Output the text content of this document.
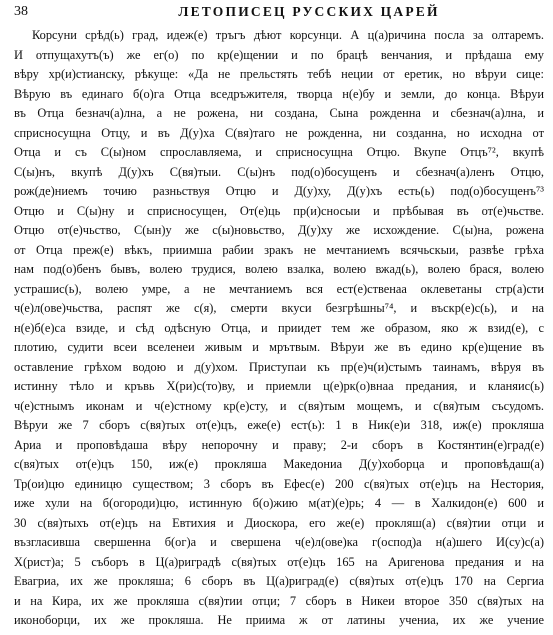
38	ЛЕТОПИСЕЦ РУССКИХ ЦАРЕЙ
Корсуни срѣд(ь) град, идеж(е) тръгъ дѣют корсунци. А ц(а)ричина посла за олтаремъ.
И отпущахутъ(ъ) же ег(о) по кр(е)щении и по брацѣ венчания, и прѣдаша ему
вѣру хр(и)стианску, рѣкуще: «Да не прельстять тебѣ неции от еретик, но вѣруи сице:
Вѣрую въ единаго б(о)га Отца вседръжителя, творца н(е)бу и земли, до конца. Вѣруи
въ Отца безнач(а)лна, а не рожена, ни создана, Сына рожденна и сбезнач(а)лна, и
сприсносущна Отцу, и въ Д(у)ха С(вя)таго не рожденна, ни созданна, но исходна от
Отца и съ С(ы)ном спрославляема, и сприсносущна Отцю. Вкупе Отцъ⁷², вкупѣ
С(ы)нъ, вкупѣ Д(у)хъ С(вя)тыи. С(ы)нъ под(о)босущенъ и сбезнач(а)ленъ Отцю,
рож(де)ниемъ точию разньствуя Отцю и Д(у)ху, Д(у)хъ есть(ь) под(о)босущенъ⁷³
Отцю и С(ы)ну и сприсносущен, От(е)ць пр(и)сносыи и прѣбывая въ от(е)чьстве.
Отцю от(е)чьство, С(ын)у же с(ы)новьство, Д(у)ху же исхождение. С(ы)на, рожена
от Отца преж(е) вѣкъ, приимша рабии зракъ не мечтаниемъ всячьскыи, развѣе грѣха
нам под(о)бенъ бывъ, волею трудися, волею взалка, волею вжад(ь), волею брася, волею
устрашис(ь), волею умре, а не мечтаниемъ вся ест(е)ственаа оклеветаны стр(а)сти
ч(е)л(ове)чьства, распят же с(я), смерти вкуси безгрѣшны⁷⁴, и въскр(е)с(ь), и на
н(е)б(е)са взиде, и сѣд одѣсную Отца, и приидет тем же образом, яко ж взид(е), с
плотию, судити всеи вселенеи живым и мрътвым. Вѣруи же въ едино кр(е)щение въ
оставление грѣхом водою и д(у)хом. Приступаи къ пр(е)ч(и)стымъ таинамъ, вѣруя въ
истинну тѣло и кръвь Х(ри)с(то)ву, и приемли ц(е)рк(о)внаа предания, и кланяис(ь)
ч(е)стнымъ иконам и ч(е)стному кр(е)сту, и с(вя)тым мощемъ, и с(вя)тым съсудомъ.
Вѣруи же 7 сборъ с(вя)тых от(е)цъ, еже(е) ест(ь): 1 в Ник(е)и 318, иж(е) прокляша
Ариа и проповѣдаша вѣру непорочну и праву; 2-и сборъ в Костянтин(е)град(е)
с(вя)тых от(е)цъ 150, иж(е) прокляша Македониа Д(у)хоборца и проповѣдаш(а)
Тр(ои)цю единицю существом; 3 сборъ въ Ефес(е) 200 с(вя)тых от(е)цъ на Нестория,
иже хули на б(огороди)цю, истинную б(о)жию м(ат)(е)рь; 4 — в Халкидон(е) 600 и
30 с(вя)тыхъ от(е)цъ на Евтихия и Диоскора, его же(е) прокляш(а) с(вя)тии отци и
възгласивша свершенна б(ог)а и свершена ч(е)л(ове)ка г(оспод)а н(а)шего И(су)с(а)
Х(рист)а; 5 съборъ в Ц(а)риградѣ с(вя)тых от(е)цъ 165 на Аригенова предания и на
Евагриа, их же прокляша; 6 сборъ въ Ц(а)риград(е) с(вя)тых от(е)цъ 170 на Сергиа
и на Кира, их же прокляша с(вя)тии отци; 7 сборъ в Никеи второе 350 с(вя)тых на
иконоборци, их же прокляша. Не приима ж от латины учениа, их же учение
